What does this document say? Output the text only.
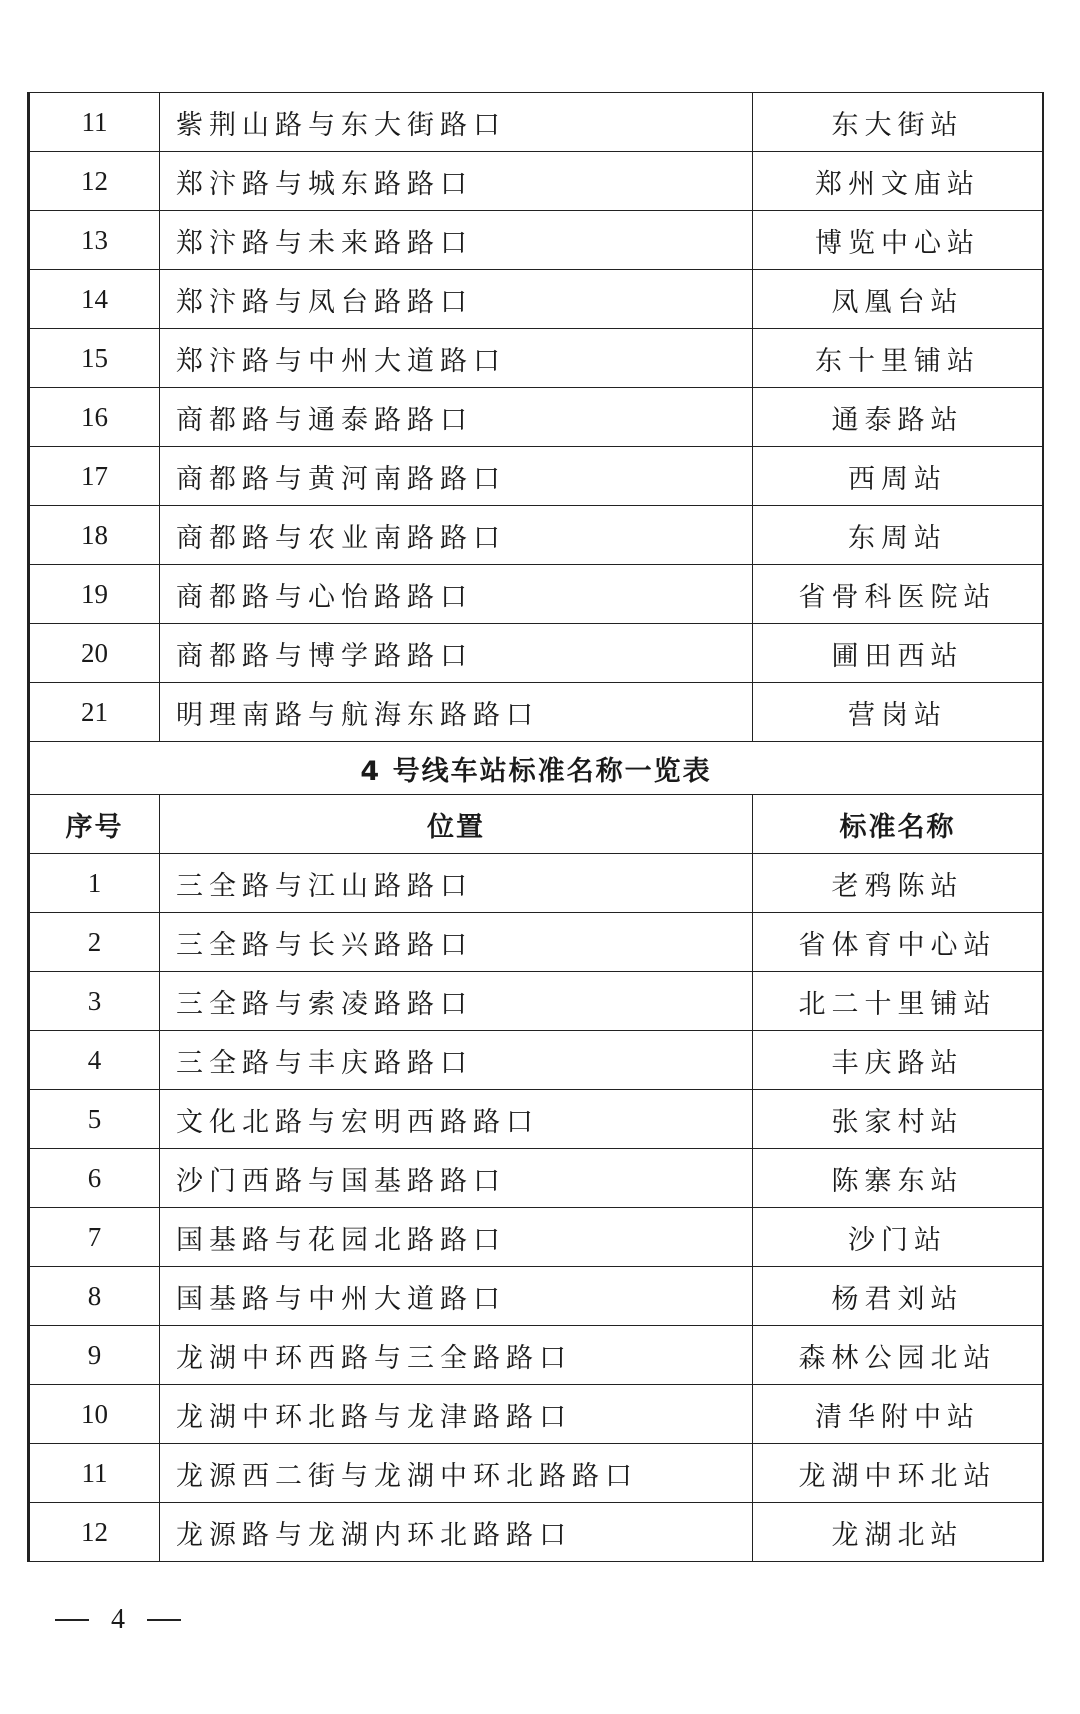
11	紫荆山路与东大街路口	东大街站
12	郑汴路与城东路路口	郑州文庙站
13	郑汴路与未来路路口	博览中心站
14	郑汴路与凤台路路口	凤凰台站
15	郑汴路与中州大道路口	东十里铺站
16	商都路与通泰路路口	通泰路站
17	商都路与黄河南路路口	西周站
18	商都路与农业南路路口	东周站
19	商都路与心怡路路口	省骨科医院站
20	商都路与博学路路口	圃田西站
21	明理南路与航海东路路口	营岗站
4 号线车站标准名称一览表		
序号	位置	标准名称
1	三全路与江山路路口	老鸦陈站
2	三全路与长兴路路口	省体育中心站
3	三全路与索凌路路口	北二十里铺站
4	三全路与丰庆路路口	丰庆路站
5	文化北路与宏明西路路口	张家村站
6	沙门西路与国基路路口	陈寨东站
7	国基路与花园北路路口	沙门站
8	国基路与中州大道路口	杨君刘站
9	龙湖中环西路与三全路路口	森林公园北站
10	龙湖中环北路与龙津路路口	清华附中站
11	龙源西二街与龙湖中环北路路口	龙湖中环北站
12	龙源路与龙湖内环北路路口	龙湖北站
4
